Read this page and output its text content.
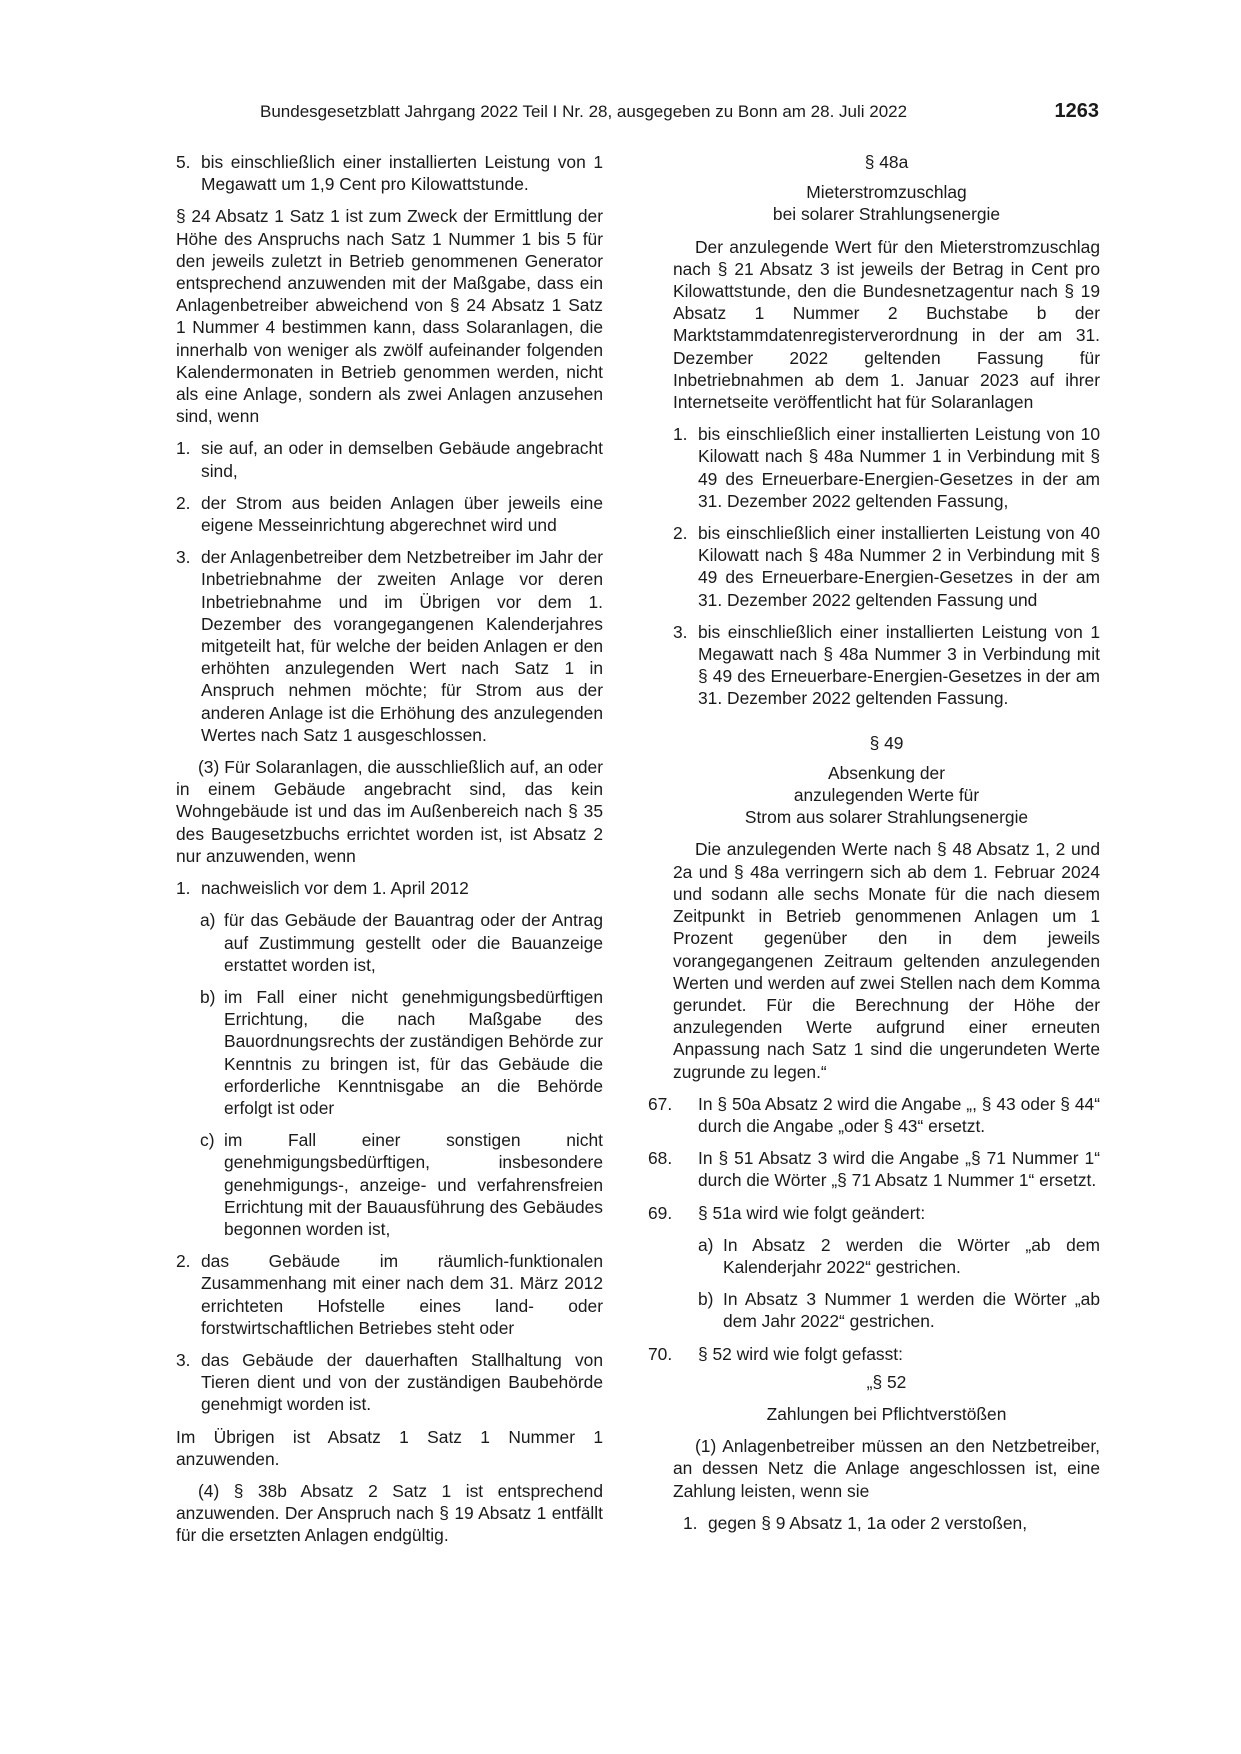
Bundesgesetzblatt Jahrgang 2022 Teil I Nr. 28, ausgegeben zu Bonn am 28. Juli 2022	1263
5. bis einschließlich einer installierten Leistung von 1 Megawatt um 1,9 Cent pro Kilowattstunde.

§ 24 Absatz 1 Satz 1 ist zum Zweck der Ermittlung der Höhe des Anspruchs nach Satz 1 Nummer 1 bis 5 für den jeweils zuletzt in Betrieb genommenen Generator entsprechend anzuwenden mit der Maßgabe, dass ein Anlagenbetreiber abweichend von § 24 Absatz 1 Satz 1 Nummer 4 bestimmen kann, dass Solaranlagen, die innerhalb von weniger als zwölf aufeinander folgenden Kalendermonaten in Betrieb genommen werden, nicht als eine Anlage, sondern als zwei Anlagen anzusehen sind, wenn

1. sie auf, an oder in demselben Gebäude angebracht sind,
2. der Strom aus beiden Anlagen über jeweils eine eigene Messeinrichtung abgerechnet wird und
3. der Anlagenbetreiber dem Netzbetreiber im Jahr der Inbetriebnahme der zweiten Anlage vor deren Inbetriebnahme und im Übrigen vor dem 1. Dezember des vorangegangenen Kalenderjahres mitgeteilt hat, für welche der beiden Anlagen er den erhöhten anzulegenden Wert nach Satz 1 in Anspruch nehmen möchte; für Strom aus der anderen Anlage ist die Erhöhung des anzulegenden Wertes nach Satz 1 ausgeschlossen.

(3) Für Solaranlagen, die ausschließlich auf, an oder in einem Gebäude angebracht sind, das kein Wohngebäude ist und das im Außenbereich nach § 35 des Baugesetzbuchs errichtet worden ist, ist Absatz 2 nur anzuwenden, wenn

1. nachweislich vor dem 1. April 2012
a) für das Gebäude der Bauantrag oder der Antrag auf Zustimmung gestellt oder die Bauanzeige erstattet worden ist,
b) im Fall einer nicht genehmigungsbedürftigen Errichtung, die nach Maßgabe des Bauordnungsrechts der zuständigen Behörde zur Kenntnis zu bringen ist, für das Gebäude die erforderliche Kenntnisgabe an die Behörde erfolgt ist oder
c) im Fall einer sonstigen nicht genehmigungsbedürftigen, insbesondere genehmigungs-, anzeige- und verfahrensfreien Errichtung mit der Bauausführung des Gebäudes begonnen worden ist,
2. das Gebäude im räumlich-funktionalen Zusammenhang mit einer nach dem 31. März 2012 errichteten Hofstelle eines land- oder forstwirtschaftlichen Betriebes steht oder
3. das Gebäude der dauerhaften Stallhaltung von Tieren dient und von der zuständigen Baubehörde genehmigt worden ist.

Im Übrigen ist Absatz 1 Satz 1 Nummer 1 anzuwenden.

(4) § 38b Absatz 2 Satz 1 ist entsprechend anzuwenden. Der Anspruch nach § 19 Absatz 1 entfällt für die ersetzten Anlagen endgültig.

§ 48a

Mieterstromzuschlag

bei solarer Strahlungsenergie

Der anzulegende Wert für den Mieterstromzuschlag nach § 21 Absatz 3 ist jeweils der Betrag in Cent pro Kilowattstunde, den die Bundesnetzagentur nach § 19 Absatz 1 Nummer 2 Buchstabe b der Marktstammdatenregisterverordnung in der am 31. Dezember 2022 geltenden Fassung für Inbetriebnahmen ab dem 1. Januar 2023 auf ihrer Internetseite veröffentlicht hat für Solaranlagen

1. bis einschließlich einer installierten Leistung von 10 Kilowatt nach § 48a Nummer 1 in Verbindung mit § 49 des Erneuerbare-Energien-Gesetzes in der am 31. Dezember 2022 geltenden Fassung,
2. bis einschließlich einer installierten Leistung von 40 Kilowatt nach § 48a Nummer 2 in Verbindung mit § 49 des Erneuerbare-Energien-Gesetzes in der am 31. Dezember 2022 geltenden Fassung und
3. bis einschließlich einer installierten Leistung von 1 Megawatt nach § 48a Nummer 3 in Verbindung mit § 49 des Erneuerbare-Energien-Gesetzes in der am 31. Dezember 2022 geltenden Fassung.

§ 49

Absenkung der

anzulegenden Werte für

Strom aus solarer Strahlungsenergie

Die anzulegenden Werte nach § 48 Absatz 1, 2 und 2a und § 48a verringern sich ab dem 1. Februar 2024 und sodann alle sechs Monate für die nach diesem Zeitpunkt in Betrieb genommenen Anlagen um 1 Prozent gegenüber den in dem jeweils vorangegangenen Zeitraum geltenden anzulegenden Werten und werden auf zwei Stellen nach dem Komma gerundet. Für die Berechnung der Höhe der anzulegenden Werte aufgrund einer erneuten Anpassung nach Satz 1 sind die ungerundeten Werte zugrunde zu legen.“

67.	In § 50a Absatz 2 wird die Angabe „, § 43 oder § 44“ durch die Angabe „oder § 43“ ersetzt.
68.	In § 51 Absatz 3 wird die Angabe „§ 71 Nummer 1“ durch die Wörter „§ 71 Absatz 1 Nummer 1“ ersetzt.
69.	§ 51a wird wie folgt geändert:
a) In Absatz 2 werden die Wörter „ab dem Kalenderjahr 2022“ gestrichen.
b) In Absatz 3 Nummer 1 werden die Wörter „ab dem Jahr 2022“ gestrichen.
70.	§ 52 wird wie folgt gefasst:

„§ 52

Zahlungen bei Pflichtverstößen

(1) Anlagenbetreiber müssen an den Netzbetreiber, an dessen Netz die Anlage angeschlossen ist, eine Zahlung leisten, wenn sie

1. gegen § 9 Absatz 1, 1a oder 2 verstoßen,
